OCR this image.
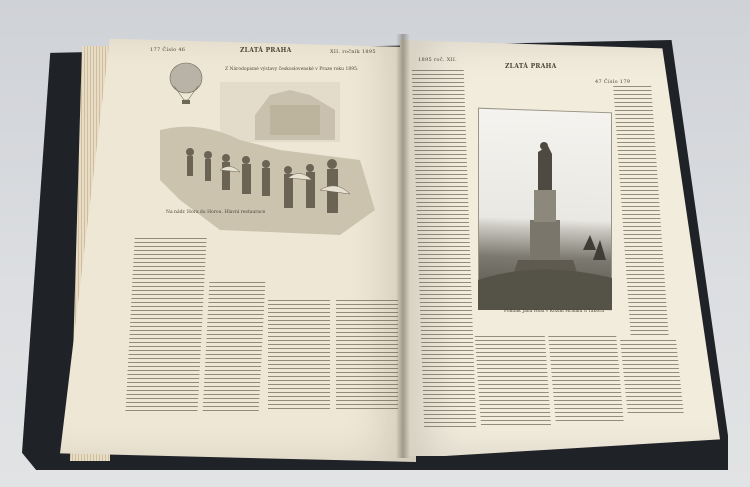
177 Číslo 46	ZLATÁ PRAHA	XII. ročník 1895
Z Národopisné výstavy československé v Praze roku 1895.
Na nádr. Hora du Horou. Hlavní restaurace
1895 roč. XII.
ZLATÁ PRAHA
47 Číslo 179
Pomník Jana Husi v Kozím Hrádku u Tábora
